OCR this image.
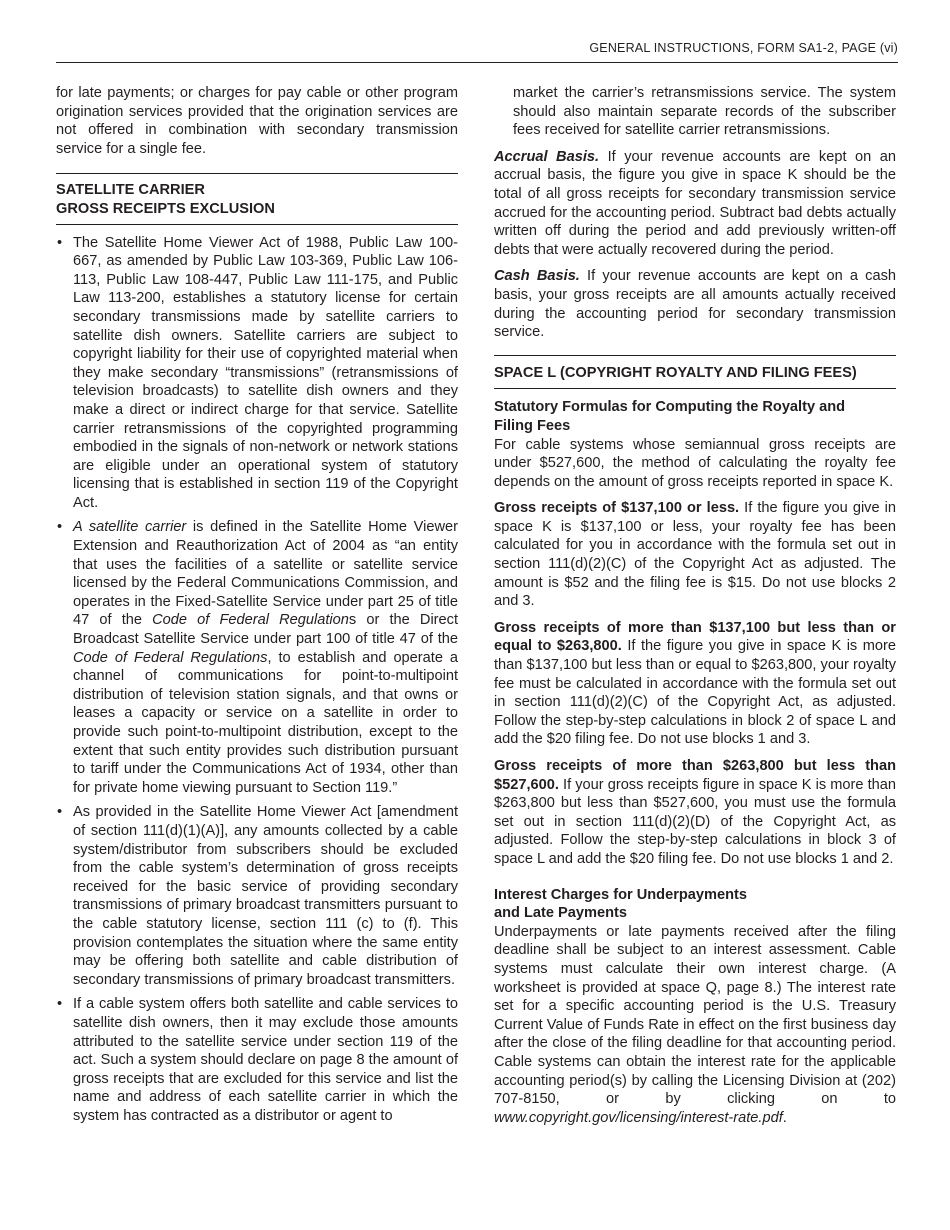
GENERAL INSTRUCTIONS, FORM SA1-2, PAGE (vi)

for late payments; or charges for pay cable or other program origination services provided that the origination services are not offered in combination with secondary transmission service for a single fee.

SATELLITE CARRIER
GROSS RECEIPTS EXCLUSION
• The Satellite Home Viewer Act of 1988, Public Law 100-667, as amended by Public Law 103-369, Public Law 106-113, Public Law 108-447, Public Law 111-175, and Public Law 113-200, establishes a statutory license for certain secondary transmissions made by satellite carriers to satellite dish owners. Satellite carriers are subject to copyright liability for their use of copyrighted material when they make secondary “transmissions” (retransmissions of television broadcasts) to satellite dish owners and they make a direct or indirect charge for that service. Satellite carrier retransmissions of the copyrighted programming embodied in the signals of non-network or network stations are eligible under an operational system of statutory licensing that is established in section 119 of the Copyright Act.
• A satellite carrier is defined in the Satellite Home Viewer Extension and Reauthorization Act of 2004 as “an entity that uses the facilities of a satellite or satellite service licensed by the Federal Communications Commission, and operates in the Fixed-Satellite Service under part 25 of title 47 of the Code of Federal Regulations or the Direct Broadcast Satellite Service under part 100 of title 47 of the Code of Federal Regulations, to establish and operate a channel of communications for point-to-multipoint distribution of television station signals, and that owns or leases a capacity or service on a satellite in order to provide such point-to-multipoint distribution, except to the extent that such entity provides such distribution pursuant to tariff under the Communications Act of 1934, other than for private home viewing pursuant to Section 119.”
• As provided in the Satellite Home Viewer Act [amendment of section 111(d)(1)(A)], any amounts collected by a cable system/distributor from subscribers should be excluded from the cable system’s determination of gross receipts received for the basic service of providing secondary transmissions of primary broadcast transmitters pursuant to the cable statutory license, section 111 (c) to (f). This provision contemplates the situation where the same entity may be offering both satellite and cable distribution of secondary transmissions of primary broadcast transmitters.
• If a cable system offers both satellite and cable services to satellite dish owners, then it may exclude those amounts attributed to the satellite service under section 119 of the act. Such a system should declare on page 8 the amount of gross receipts that are excluded for this service and list the name and address of each satellite carrier in which the system has contracted as a distributor or agent to

market the carrier’s retransmissions service. The system should also maintain separate records of the subscriber fees received for satellite carrier retransmissions.

Accrual Basis. If your revenue accounts are kept on an accrual basis, the figure you give in space K should be the total of all gross receipts for secondary transmission service accrued for the accounting period. Subtract bad debts actually written off during the period and add previously written-off debts that were actually recovered during the period.

Cash Basis. If your revenue accounts are kept on a cash basis, your gross receipts are all amounts actually received during the accounting period for secondary transmission service.

SPACE L (COPYRIGHT ROYALTY AND FILING FEES)
Statutory Formulas for Computing the Royalty and
Filing Fees

For cable systems whose semiannual gross receipts are under $527,600, the method of calculating the royalty fee depends on the amount of gross receipts reported in space K.

Gross receipts of $137,100 or less. If the figure you give in space K is $137,100 or less, your royalty fee has been calculated for you in accordance with the formula set out in section 111(d)(2)(C) of the Copyright Act as adjusted. The amount is $52 and the filing fee is $15. Do not use blocks 2 and 3.

Gross receipts of more than $137,100 but less than or equal to $263,800. If the figure you give in space K is more than $137,100 but less than or equal to $263,800, your royalty fee must be calculated in accordance with the formula set out in section 111(d)(2)(C) of the Copyright Act, as adjusted. Follow the step-by-step calculations in block 2 of space L and add the $20 filing fee. Do not use blocks 1 and 3.

Gross receipts of more than $263,800 but less than $527,600. If your gross receipts figure in space K is more than $263,800 but less than $527,600, you must use the formula set out in section 111(d)(2)(D) of the Copyright Act, as adjusted. Follow the step-by-step calculations in block 3 of space L and add the $20 filing fee. Do not use blocks 1 and 2.

Interest Charges for Underpayments
and Late Payments

Underpayments or late payments received after the filing deadline shall be subject to an interest assessment. Cable systems must calculate their own interest charge. (A worksheet is provided at space Q, page 8.) The interest rate set for a specific accounting period is the U.S. Treasury Current Value of Funds Rate in effect on the first business day after the close of the filing deadline for that accounting period. Cable systems can obtain the interest rate for the applicable accounting period(s) by calling the Licensing Division at (202) 707-8150, or by clicking on to www.copyright.gov/licensing/interest-rate.pdf.
